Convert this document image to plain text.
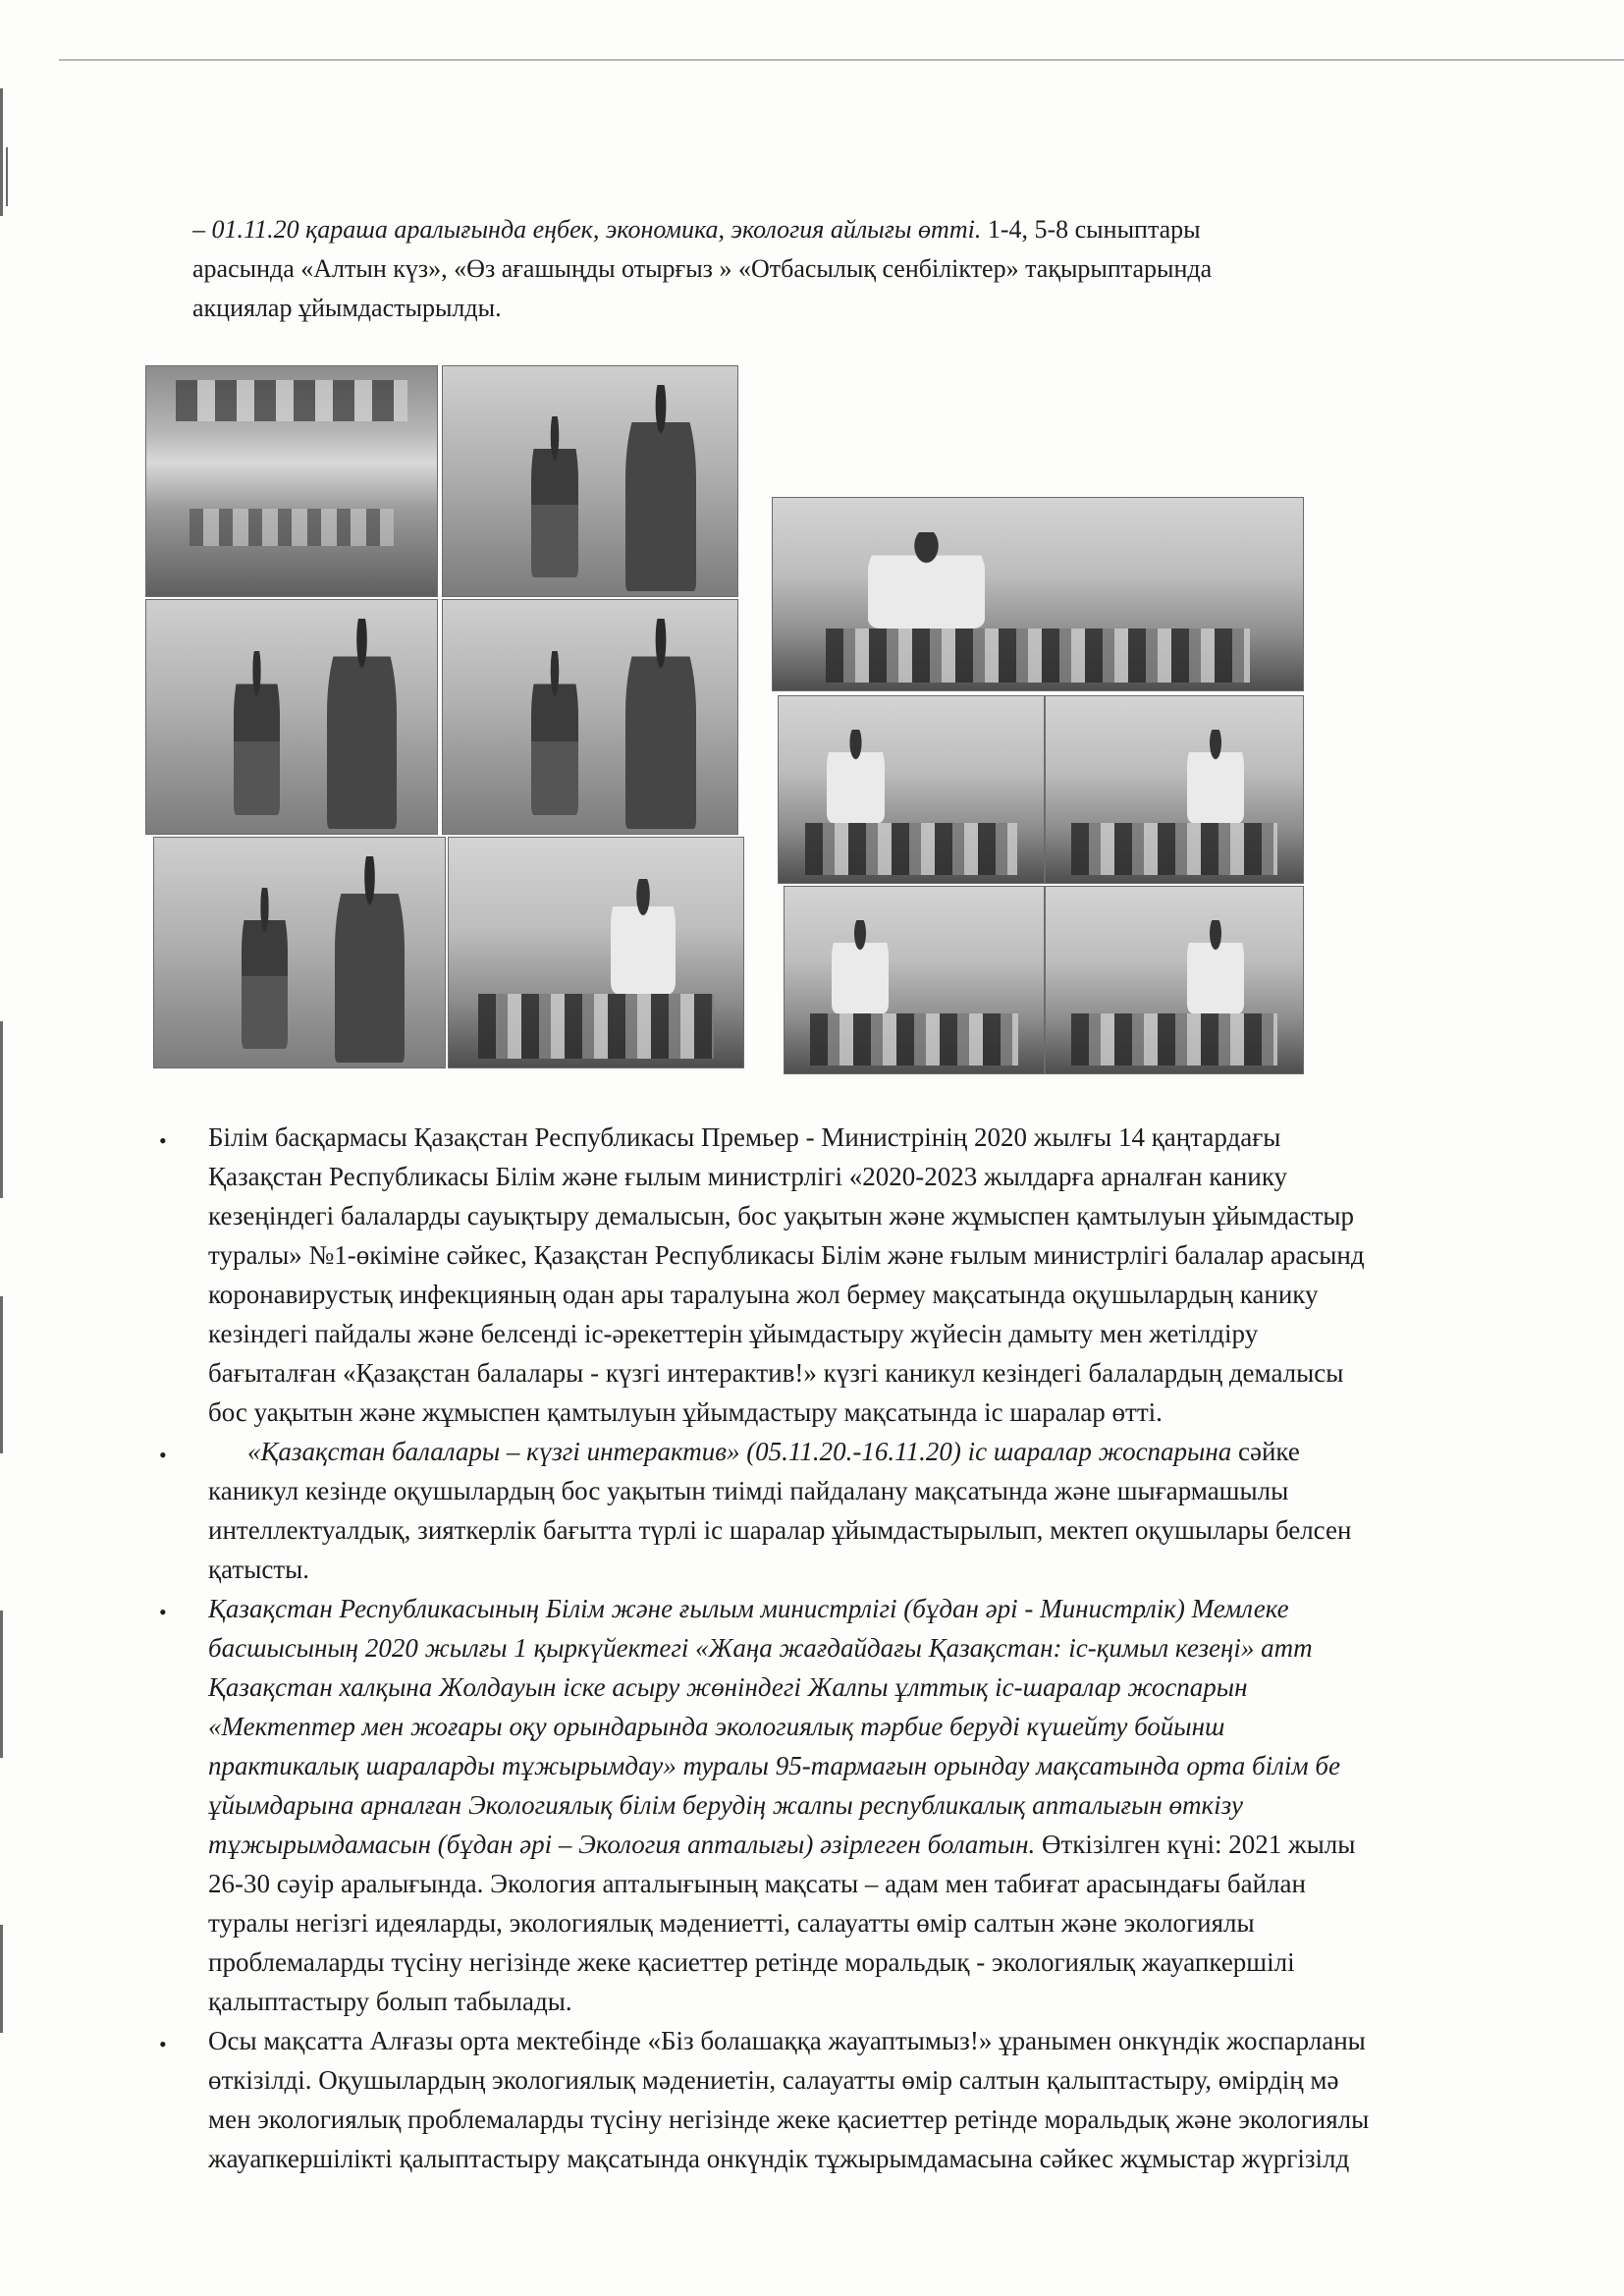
– 01.11.20 қараша аралығында еңбек, экономика, экология айлығы өтті. 1-4, 5-8 сыныптары
арасында «Алтын күз», «Өз ағашыңды отырғыз » «Отбасылық сенбіліктер» тақырыптарында
акциялар ұйымдастырылды.
• Білім басқармасы Қазақстан Республикасы Премьер - Министрінің 2020 жылғы 14 қаңтардағы
Қазақстан Республикасы Білім және ғылым министрлігі «2020-2023 жылдарға арналған канику
кезеңіндегі балаларды сауықтыру демалысын, бос уақытын және жұмыспен қамтылуын ұйымдастыр
туралы» №1-өкіміне сәйкес, Қазақстан Республикасы Білім және ғылым министрлігі балалар арасынд
коронавирустық инфекцияның одан ары таралуына жол бермеу мақсатында оқушылардың канику
кезіндегі пайдалы және белсенді іс-әрекеттерін ұйымдастыру жүйесін дамыту мен жетілдіру
бағыталған «Қазақстан балалары - күзгі интерактив!» күзгі каникул кезіндегі балалардың демалысы
бос уақытын және жұмыспен қамтылуын ұйымдастыру мақсатында іс шаралар өтті.
•	«Қазақстан балалары – күзгі интерактив» (05.11.20.-16.11.20) іс шаралар жоспарына сәйке
каникул кезінде оқушылардың бос уақытын тиімді пайдалану мақсатында және шығармашылы
интеллектуалдық, зияткерлік бағытта түрлі іс шаралар ұйымдастырылып, мектеп оқушылары белсен
қатысты.
• Қазақстан Республикасының Білім және ғылым министрлігі (бұдан әрі - Министрлік) Мемлеке
басшысының 2020 жылғы 1 қыркүйектегі «Жаңа жағдайдағы Қазақстан: іс-қимыл кезеңі» атт
Қазақстан халқына Жолдауын іске асыру жөніндегі Жалпы ұлттық іс-шаралар жоспарын
«Мектептер мен жоғары оқу орындарында экологиялық тәрбие беруді күшейту бойынш
практикалық шараларды тұжырымдау» туралы 95-тармағын орындау мақсатында орта білім бе
ұйымдарына арналған Экологиялық білім берудің жалпы республикалық апталығын өткізу
тұжырымдамасын (бұдан әрі – Экология апталығы) әзірлеген болатын. Өткізілген күні: 2021 жылы
26-30 сәуір аралығында. Экология апталығының мақсаты – адам мен табиғат арасындағы байлан
туралы негізгі идеяларды, экологиялық мәдениетті, салауатты өмір салтын және экологиялы
проблемаларды түсіну негізінде жеке қасиеттер ретінде моральдық - экологиялық жауапкершілі
қалыптастыру болып табылады.
• Осы мақсатта Алғазы орта мектебінде «Біз болашаққа жауаптымыз!» ұранымен онкүндік жоспарланы
өткізілді. Оқушылардың экологиялық мәдениетін, салауатты өмір салтын қалыптастыру, өмірдің мә
мен экологиялық проблемаларды түсіну негізінде жеке қасиеттер ретінде моральдық және экологиялы
жауапкершілікті қалыптастыру мақсатында онкүндік тұжырымдамасына сәйкес жұмыстар жүргізілд
